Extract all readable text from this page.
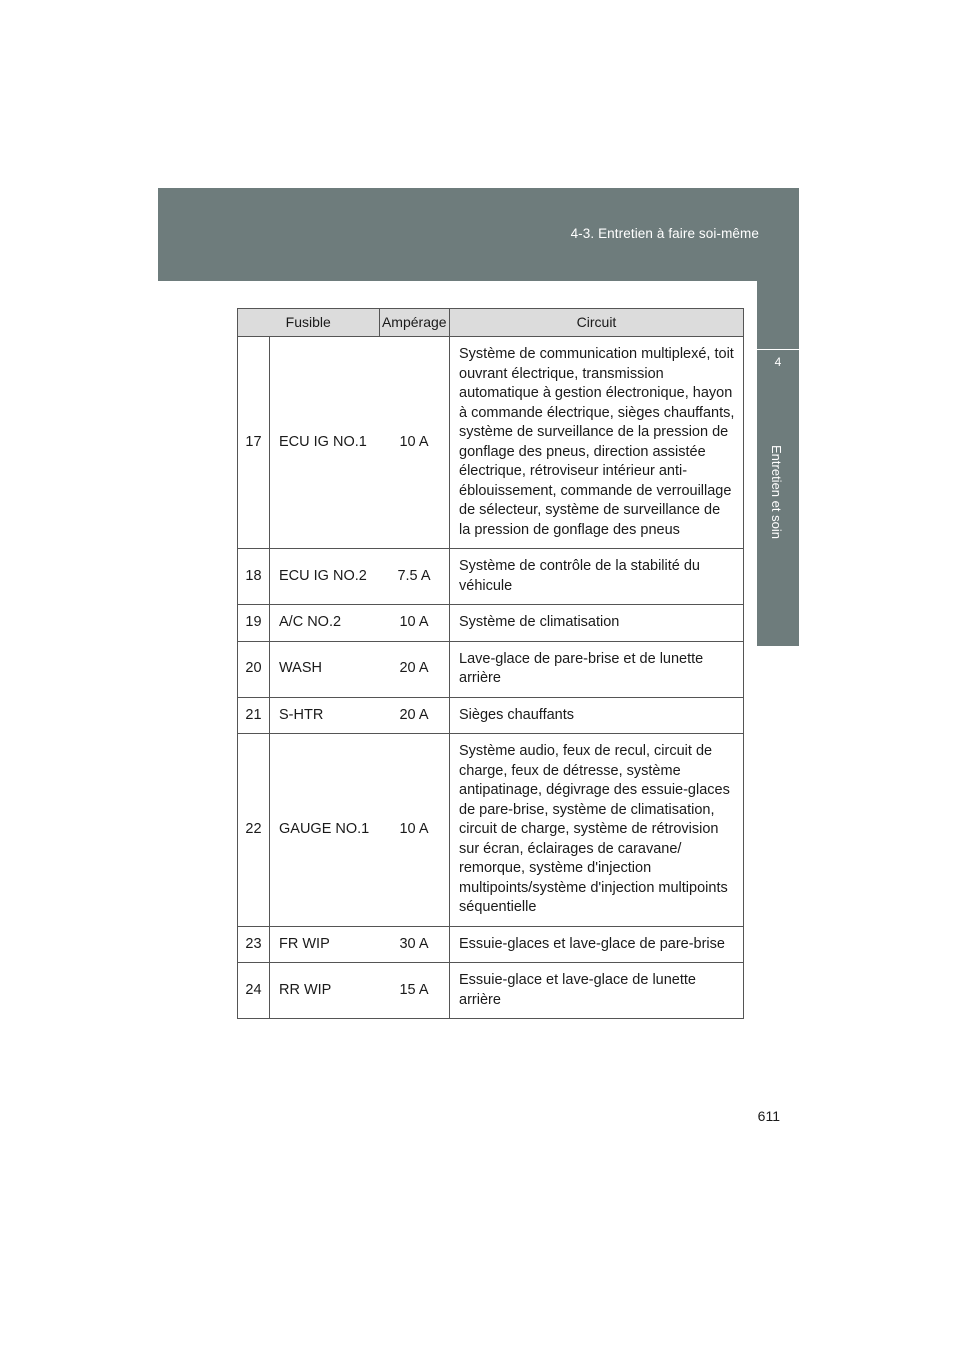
4-3. Entretien à faire soi-même
4
Entretien et soin
Fusible		Ampérage	Circuit
17	ECU IG NO.1	10 A	Système de communication multiplexé, toit ouvrant électrique, transmission automatique à gestion électronique, hayon à commande électrique, sièges chauffants, système de surveillance de la pression de gonflage des pneus, direction assistée électrique, rétroviseur intérieur anti-éblouissement, commande de verrouillage de sélecteur, système de surveillance de la pression de gonflage des pneus
18	ECU IG NO.2	7.5 A	Système de contrôle de la stabilité du véhicule
19	A/C NO.2	10 A	Système de climatisation
20	WASH	20 A	Lave-glace de pare-brise et de lunette arrière
21	S-HTR	20 A	Sièges chauffants
22	GAUGE NO.1	10 A	Système audio, feux de recul, circuit de charge, feux de détresse, système antipatinage, dégivrage des essuie-glaces de pare-brise, système de climatisation, circuit de charge, système de rétrovision sur écran, éclairages de caravane/ remorque, système d'injection multipoints/système d'injection multipoints séquentielle
23	FR WIP	30 A	Essuie-glaces et lave-glace de pare-brise
24	RR WIP	15 A	Essuie-glace et lave-glace de lunette arrière
611
